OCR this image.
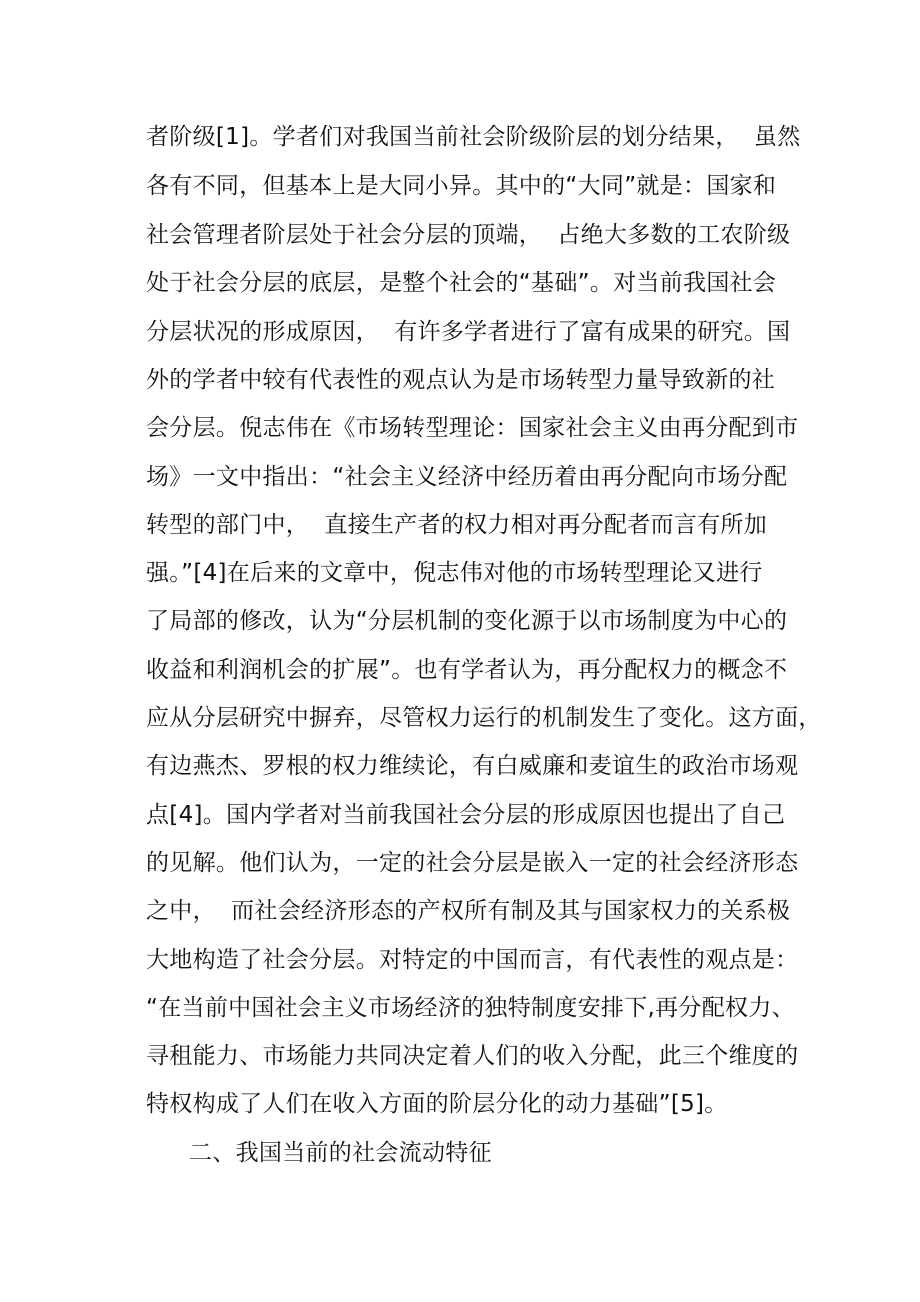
者阶级[1]。学者们对我国当前社会阶级阶层的划分结果，  虽然
各有不同，但基本上是大同小异。其中的“大同”就是：国家和
社会管理者阶层处于社会分层的顶端，  占绝大多数的工农阶级
处于社会分层的底层，是整个社会的“基础”。对当前我国社会
分层状况的形成原因，  有许多学者进行了富有成果的研究。国
外的学者中较有代表性的观点认为是市场转型力量导致新的社
会分层。倪志伟在《市场转型理论：国家社会主义由再分配到市
场》一文中指出：“社会主义经济中经历着由再分配向市场分配
转型的部门中，  直接生产者的权力相对再分配者而言有所加
强。”[4]在后来的文章中，倪志伟对他的市场转型理论又进行
了局部的修改，认为“分层机制的变化源于以市场制度为中心的
收益和利润机会的扩展”。也有学者认为，再分配权力的概念不
应从分层研究中摒弃，尽管权力运行的机制发生了变化。这方面，
有边燕杰、罗根的权力维续论，有白威廉和麦谊生的政治市场观
点[4]。国内学者对当前我国社会分层的形成原因也提出了自己
的见解。他们认为，一定的社会分层是嵌入一定的社会经济形态
之中，  而社会经济形态的产权所有制及其与国家权力的关系极
大地构造了社会分层。对特定的中国而言，有代表性的观点是：
“在当前中国社会主义市场经济的独特制度安排下,再分配权力、
寻租能力、市场能力共同决定着人们的收入分配，此三个维度的
特权构成了人们在收入方面的阶层分化的动力基础”[5]。
二、我国当前的社会流动特征
